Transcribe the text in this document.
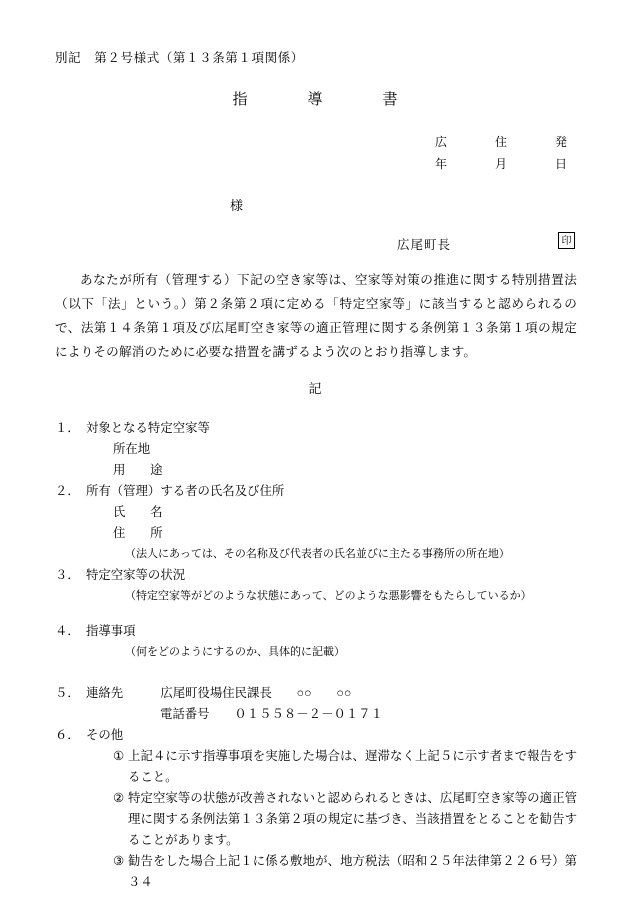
別記　第２号様式（第１３条第１項関係）
指　　導　　書
広　　住　　発
年　　月　　日
様
広尾町長	印
あなたが所有（管理する）下記の空き家等は、空家等対策の推進に関する特別措置法（以下「法」という。）第２条第２項に定める「特定空家等」に該当すると認められるので、法第１４条第１項及び広尾町空き家等の適正管理に関する条例第１３条第１項の規定によりその解消のために必要な措置を講ずるよう次のとおり指導します。
記
１．　 対象となる特定空家等
所在地
用　　途
２．　 所有（管理）する者の氏名及び住所
氏　　名
住　　所
（法人にあっては、その名称及び代表者の氏名並びに主たる事務所の所在地）
３．　 特定空家等の状況
（特定空家等がどのような状態にあって、どのような悪影響をもたらしているか）
４．　 指導事項
（何をどのようにするのか、具体的に記載）
５．　 連絡先　　　	広尾町役場住民課長　　 ○○　　○○
電話番号　　 ０１５５８－２－０１７１
６．　 その他
① 上記４に示す指導事項を実施した場合は、遅滞なく上記５に示す者まで報告をすること。
② 特定空家等の状態が改善されないと認められるときは、広尾町空き家等の適正管理に関する条例法第１３条第２項の規定に基づき、当該措置をとることを勧告することがあります。
③ 勧告をした場合上記１に係る敷地が、地方税法（昭和２５年法律第２２６号）第３４
